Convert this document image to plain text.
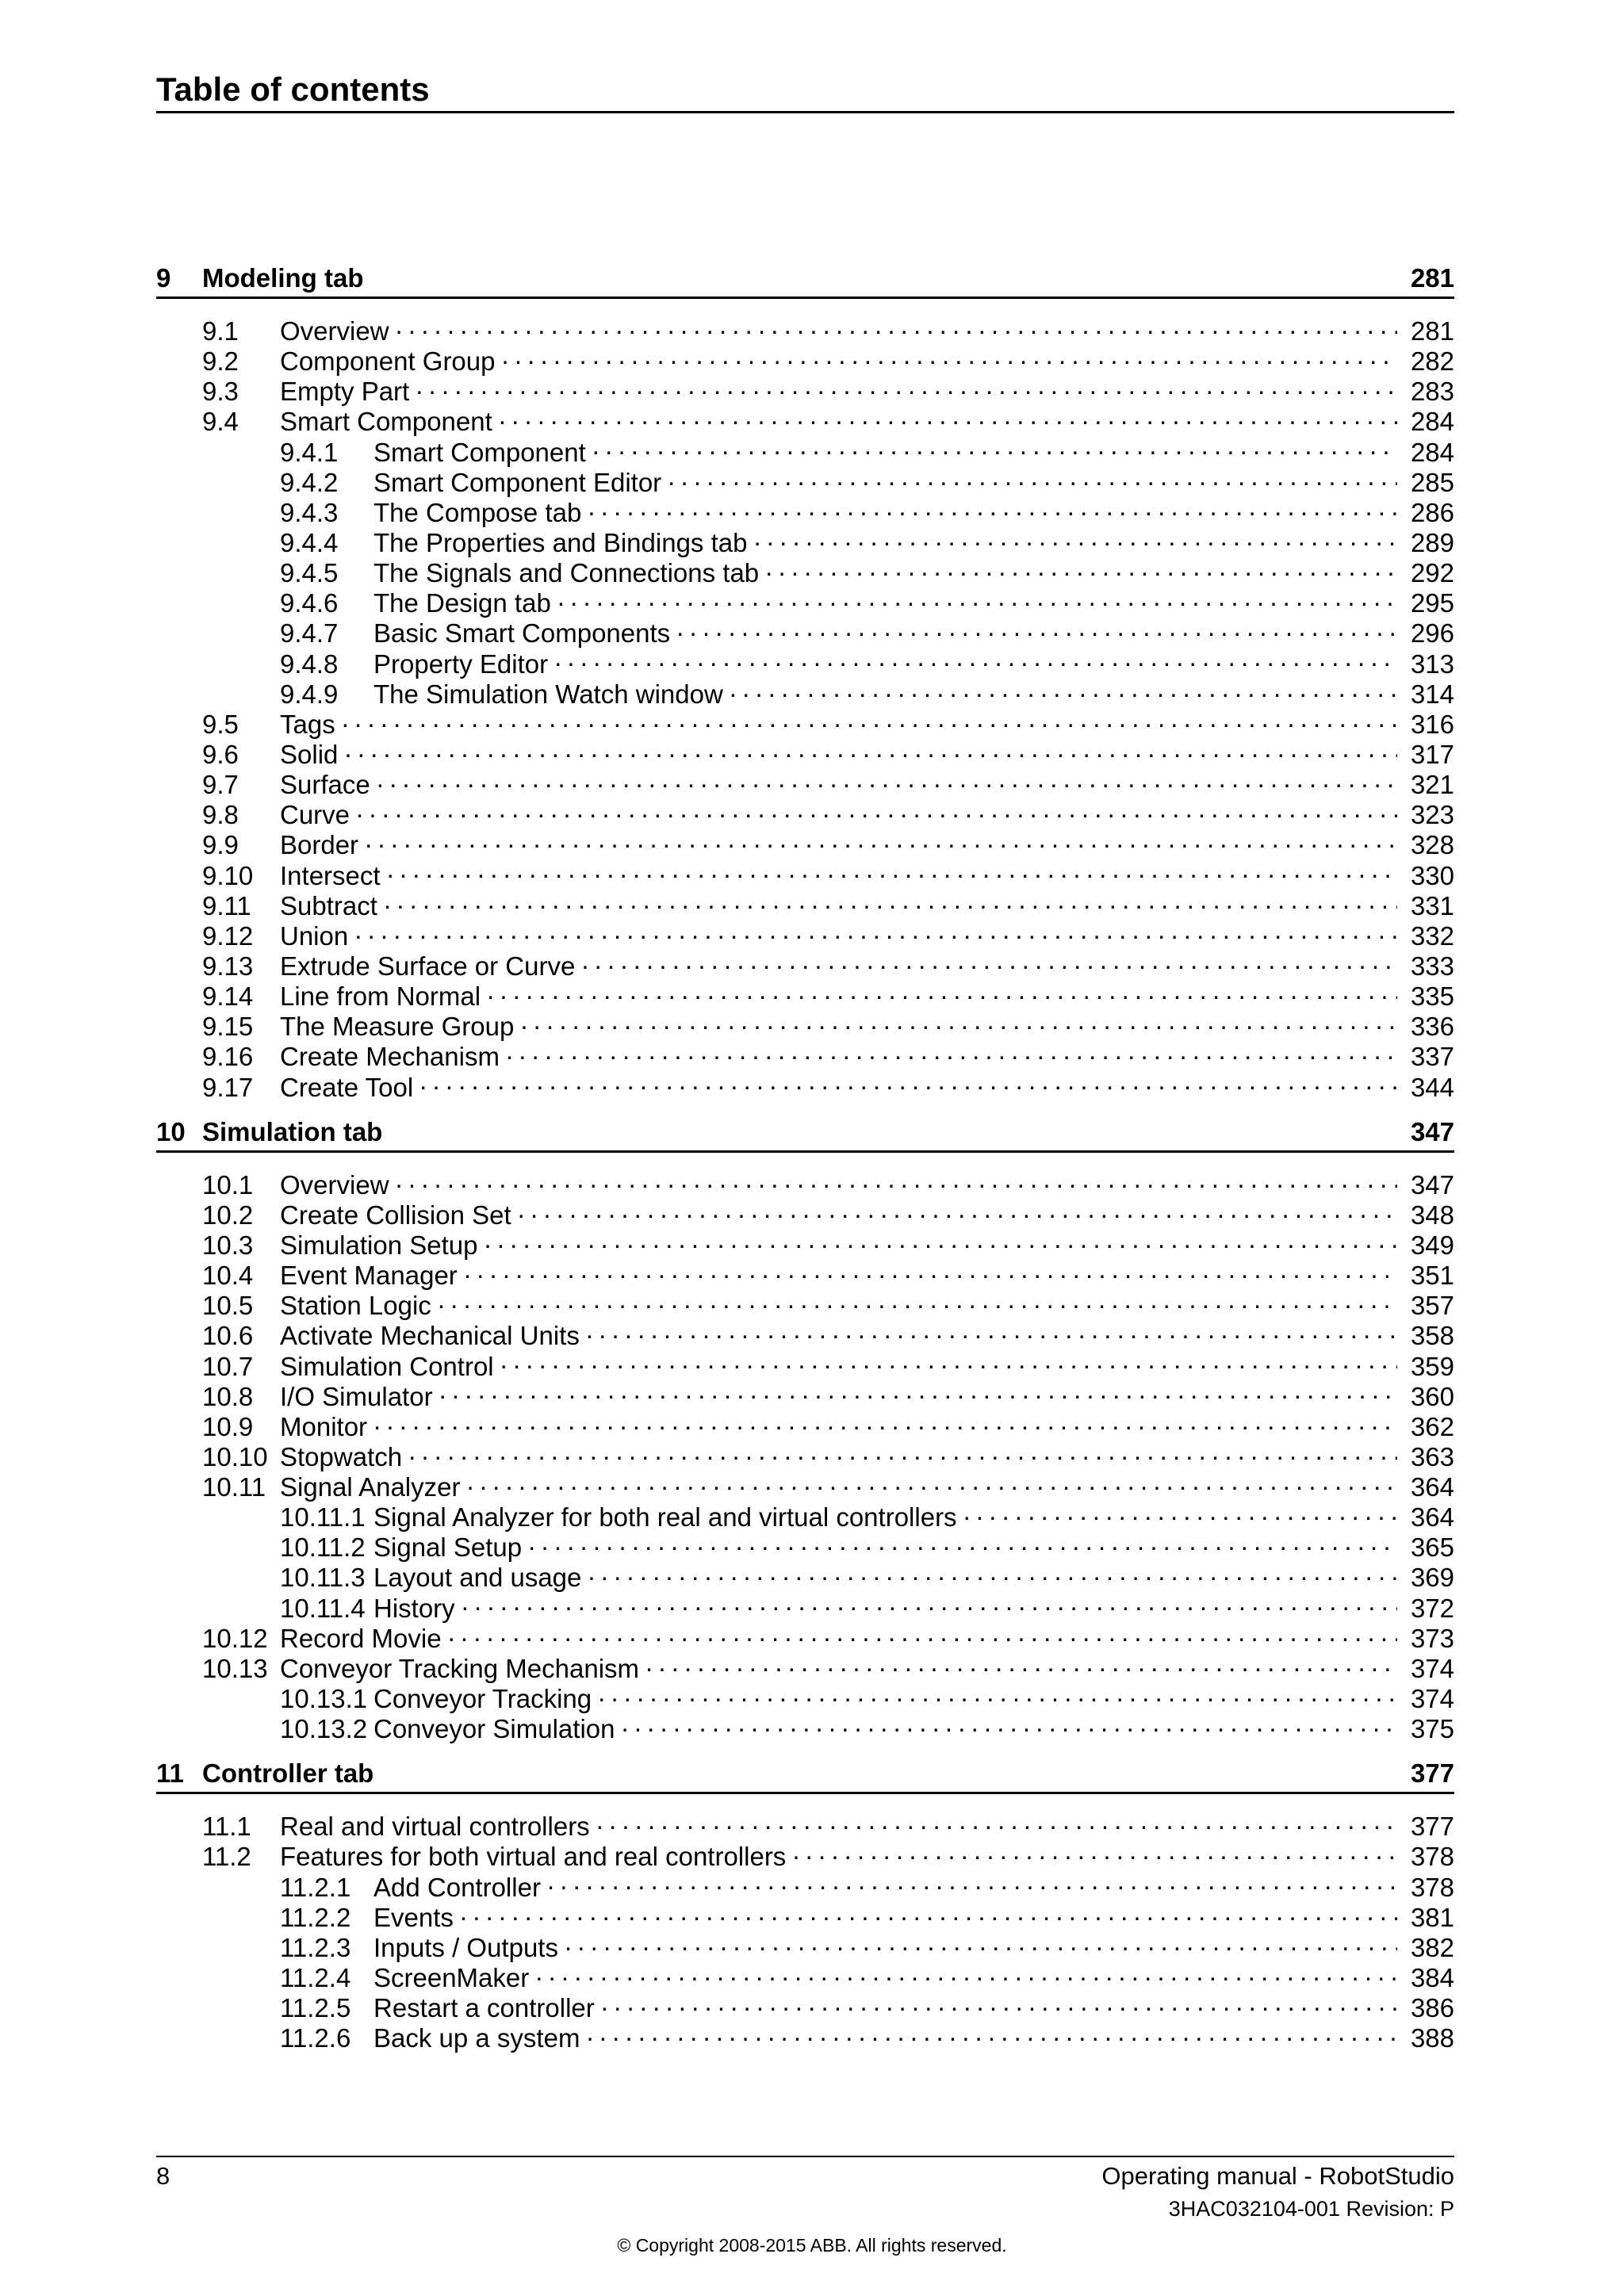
Table of contents
9	Modeling tab	281
9.1	Overview . . .	281
9.2	Component Group . . .	282
9.3	Empty Part . . .	283
9.4	Smart Component . . .	284
9.4.1	Smart Component . . .	284
9.4.2	Smart Component Editor . . .	285
9.4.3	The Compose tab . . .	286
9.4.4	The Properties and Bindings tab . . .	289
9.4.5	The Signals and Connections tab . . .	292
9.4.6	The Design tab . . .	295
9.4.7	Basic Smart Components . . .	296
9.4.8	Property Editor . . .	313
9.4.9	The Simulation Watch window . . .	314
9.5	Tags . . .	316
9.6	Solid . . .	317
9.7	Surface . . .	321
9.8	Curve . . .	323
9.9	Border . . .	328
9.10	Intersect . . .	330
9.11	Subtract . . .	331
9.12	Union . . .	332
9.13	Extrude Surface or Curve . . .	333
9.14	Line from Normal . . .	335
9.15	The Measure Group . . .	336
9.16	Create Mechanism . . .	337
9.17	Create Tool . . .	344
10 Simulation tab	347
10.1	Overview . . .	347
10.2	Create Collision Set . . .	348
10.3	Simulation Setup . . .	349
10.4	Event Manager . . .	351
10.5	Station Logic . . .	357
10.6	Activate Mechanical Units . . .	358
10.7	Simulation Control . . .	359
10.8	I/O Simulator . . .	360
10.9	Monitor . . .	362
10.10 Stopwatch . . .	363
10.11 Signal Analyzer . . .	364
10.11.1 Signal Analyzer for both real and virtual controllers . . .	364
10.11.2 Signal Setup . . .	365
10.11.3 Layout and usage . . .	369
10.11.4 History . . .	372
10.12 Record Movie . . .	373
10.13 Conveyor Tracking Mechanism . . .	374
10.13.1 Conveyor Tracking . . .	374
10.13.2 Conveyor Simulation . . .	375
11 Controller tab	377
11.1	Real and virtual controllers . . .	377
11.2	Features for both virtual and real controllers . . .	378
11.2.1 Add Controller . . .	378
11.2.2 Events . . .	381
11.2.3 Inputs / Outputs . . .	382
11.2.4 ScreenMaker . . .	384
11.2.5 Restart a controller . . .	386
11.2.6 Back up a system . . .	388
8	Operating manual - RobotStudio
3HAC032104-001 Revision: P
© Copyright 2008-2015 ABB. All rights reserved.
